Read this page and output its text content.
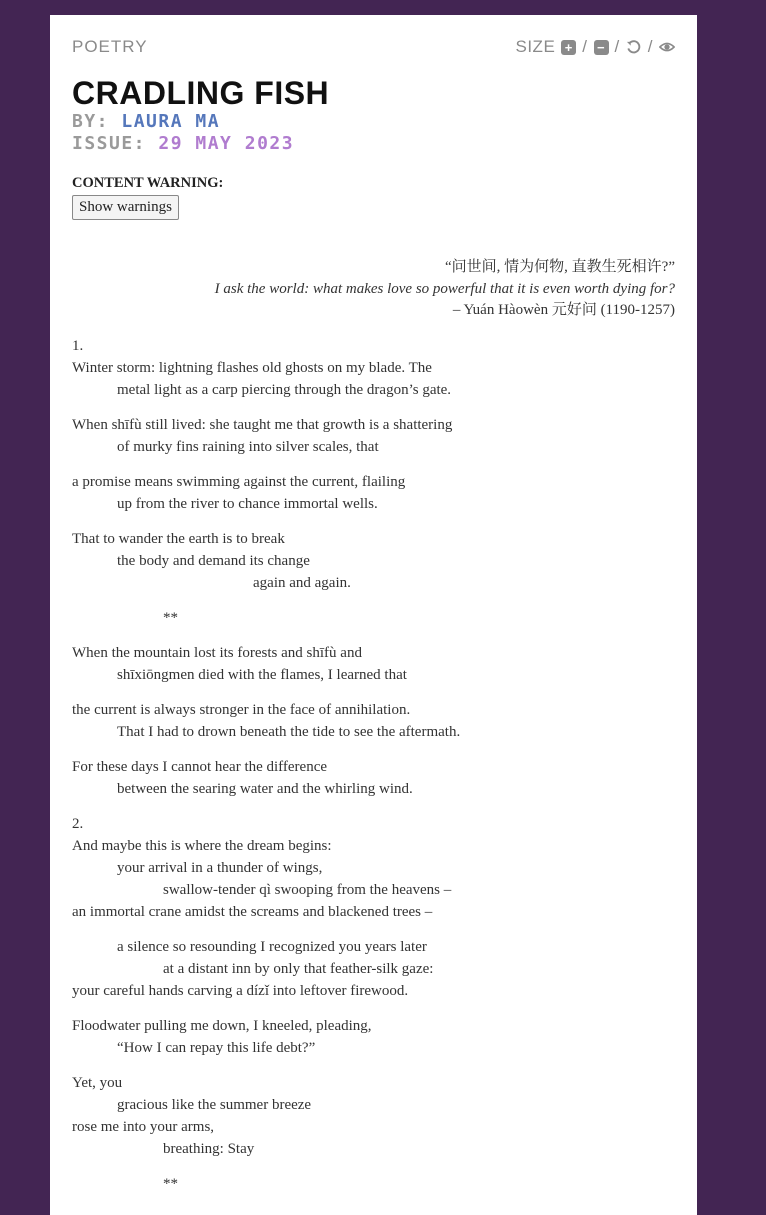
POETRY	SIZE + / − / /
CRADLING FISH
BY: LAURA MA
ISSUE: 29 MAY 2023
CONTENT WARNING:
Show warnings
“问世间, 情为何物, 直教生死相许?”
I ask the world: what makes love so powerful that it is even worth dying for?
– Yuán Hàowèn 元好问 (1190-1257)
1.
Winter storm: lightning flashes old ghosts on my blade. The
metal light as a carp piercing through the dragon’s gate.
When shīfù still lived: she taught me that growth is a shattering
of murky fins raining into silver scales, that
a promise means swimming against the current, flailing
up from the river to chance immortal wells.
That to wander the earth is to break
the body and demand its change
again and again.
**
When the mountain lost its forests and shīfù and
shīxiōngmen died with the flames, I learned that
the current is always stronger in the face of annihilation.
That I had to drown beneath the tide to see the aftermath.
For these days I cannot hear the difference
between the searing water and the whirling wind.
2.
And maybe this is where the dream begins:
your arrival in a thunder of wings,
swallow-tender qì swooping from the heavens –
an immortal crane amidst the screams and blackened trees –
a silence so resounding I recognized you years later
at a distant inn by only that feather-silk gaze:
your careful hands carving a dízǐ into leftover firewood.
Floodwater pulling me down, I kneeled, pleading,
“How I can repay this life debt?”
Yet, you
gracious like the summer breeze
rose me into your arms,
breathing: Stay
**
